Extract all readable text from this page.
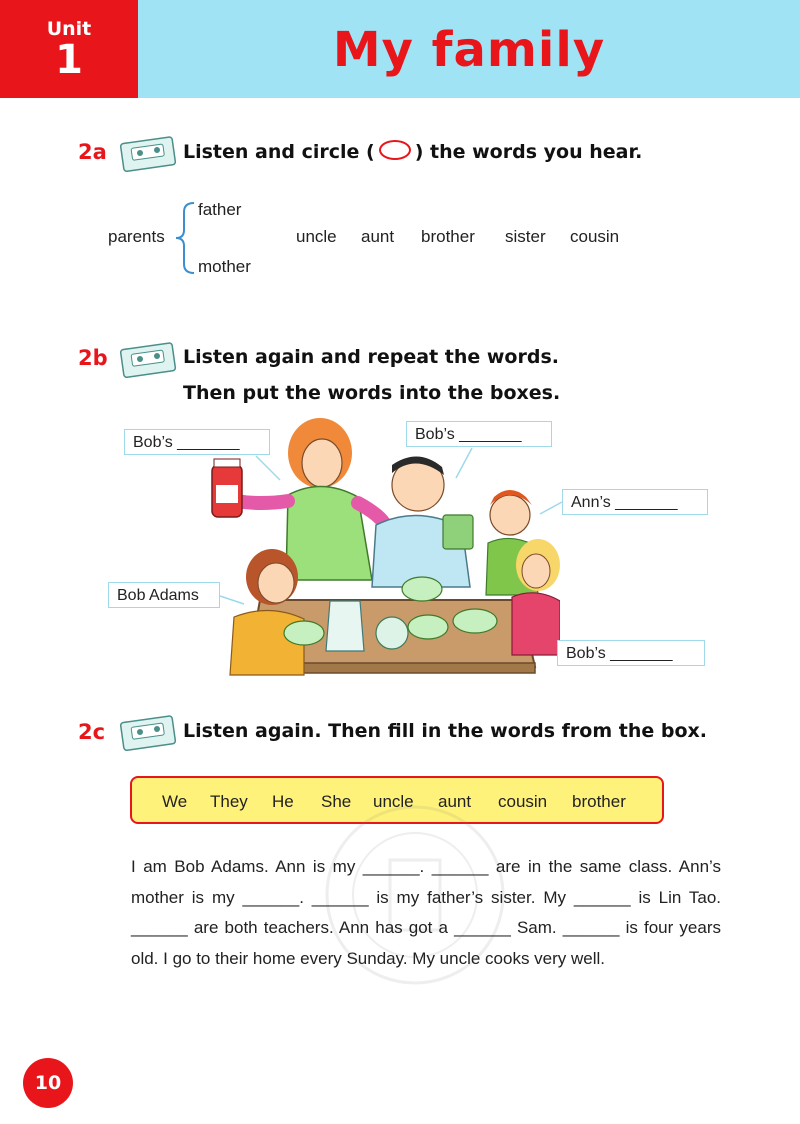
Unit
1	My family
2a	Listen and circle ( ) the words you hear.
parents
father
mother
uncle aunt brother sister cousin
2b	Listen again and repeat the words.
Then put the words into the boxes.
Bob’s _______	Bob’s _______
Ann’s _______
Bob Adams
Bob’s _______
2c	Listen again. Then fill in the words from the box.
We They He She uncle aunt cousin brother

I am Bob Adams. Ann is my ______. ______ are in the same class. Ann’s mother is my ______. ______ is my father’s sister. My ______ is Lin Tao. ______ are both teachers. Ann has got a ______ Sam. ______ is four years old. I go to their home every Sunday. My uncle cooks very well.

10
